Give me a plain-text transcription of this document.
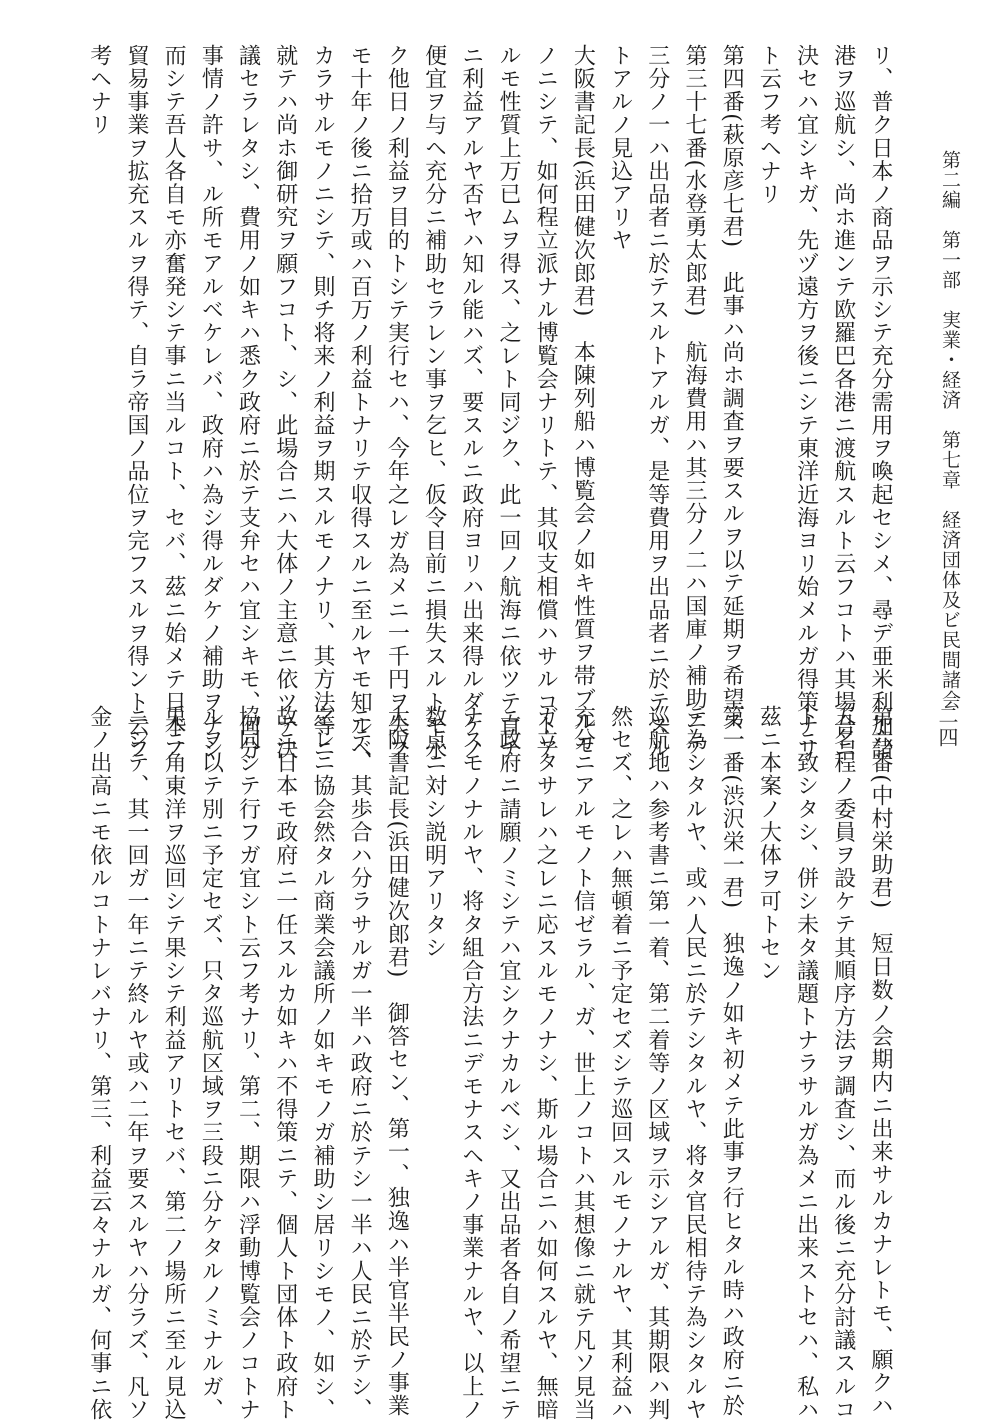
第二編　第一部　実業・経済　第七章　経済団体及ビ民間諸会
二四

リ、普ク日本ノ商品ヲ示シテ充分需用ヲ喚起セシメ、尋デ亜米利加諸

港ヲ巡航シ、尚ホ進ンテ欧羅巴各港ニ渡航スルト云フコトハ其場合ニ

決セハ宜シキガ、先ヅ遠方ヲ後ニシテ東洋近海ヨリ始メルガ得策ナリ

ト云フ考ヘナリ

第四番(萩原彦七君)　此事ハ尚ホ調査ヲ要スルヲ以テ延期ヲ希望ス

第三十七番(水登勇太郎君)　航海費用ハ其三分ノ二ハ国庫ノ補助ニテ

三分ノ一ハ出品者ニ於テスルトアルガ、是等費用ヲ出品者ニ於テスル

トアルノ見込アリヤ

大阪書記長(浜田健次郎君)　本陳列船ハ博覧会ノ如キ性質ヲ帯ブルモ

ノニシテ、如何程立派ナル博覧会ナリトテ、其収支相償ハサルコトア

ルモ性質上万已ムヲ得ス、之レト同ジク、此一回ノ航海ニ依ツテ直チ

ニ利益アルヤ否ヤハ知ル能ハズ、要スルニ政府ヨリハ出来得ルダケノ

便宜ヲ与ヘ充分ニ補助セラレン事ヲ乞ヒ、仮令目前ニ損失スルトモ永

ク他日ノ利益ヲ目的トシテ実行セハ、今年之レガ為メニ一千円ヲ失フ

モ十年ノ後ニ拾万或ハ百万ノ利益トナリテ収得スルニ至ルヤモ知ルベ

カラサルモノニシテ、則チ将来ノ利益ヲ期スルモノナリ、其方法等ニ

就テハ尚ホ御研究ヲ願フコト、シ、此場合ニハ大体ノ主意ニ依ツテ決

議セラレタシ、費用ノ如キハ悉ク政府ニ於テ支弁セハ宜シキモ、何分

事情ノ許サ、ル所モアルベケレバ、政府ハ為シ得ルダケノ補助ヲナシ

而シテ吾人各自モ亦奮発シテ事ニ当ルコト、セバ、茲ニ始メテ日本ノ

貿易事業ヲ拡充スルヲ得テ、自ラ帝国ノ品位ヲ完フスルヲ得ント云フ

考ヘナリ

第六番(中村栄助君)　短日数ノ会期内ニ出来サルカナレトモ、願クハ

五名程ノ委員ヲ設ケテ其順序方法ヲ調査シ、而ル後ニ充分討議スルコ

トニ致シタシ、併シ未タ議題トナラサルガ為メニ出来ストセハ、私ハ

茲ニ本案ノ大体ヲ可トセン

第一番(渋沢栄一君)　独逸ノ如キ初メテ此事ヲ行ヒタル時ハ政府ニ於

テ為シタルヤ、或ハ人民ニ於テシタルヤ、将タ官民相待テ為シタルヤ

巡航地ハ参考書ニ第一着、第二着等ノ区域ヲ示シアルガ、其期限ハ判

然セズ、之レハ無頓着ニ予定セズシテ巡回スルモノナルヤ、其利益ハ

充分ニアルモノト信ゼラル、ガ、世上ノコトハ其想像ニ就テ凡ソ見当

ガ立タサレハ之レニ応スルモノナシ、斯ル場合ニハ如何スルヤ、無暗

ニ政府ニ請願ノミシテハ宜シクナカルベシ、又出品者各自ノ希望ニテ

ナスモノナルヤ、将タ組合方法ニデモナスヘキノ事業ナルヤ、以上ノ

数点ニ対シ説明アリタシ

大阪書記長(浜田健次郎君)　御答セン、第一、独逸ハ半官半民ノ事業

ニテ、其歩合ハ分ラサルガ一半ハ政府ニ於テシ一半ハ人民ニ於テシ、

之レニ協会然タル商業会議所ノ如キモノガ補助シ居リシモノ、如シ、

故ニ日本モ政府ニ一任スルカ如キハ不得策ニテ、個人ト団体ト政府ト

協同シテ行フガ宜シト云フ考ナリ、第二、期限ハ浮動博覧会ノコトナ

ルヲ以テ別ニ予定セズ、只タ巡航区域ヲ三段ニ分ケタルノミナルガ、

兎ニ角東洋ヲ巡回シテ果シテ利益アリトセバ、第二ノ場所ニ至ル見込

ニシテ、其一回ガ一年ニテ終ルヤ或ハ二年ヲ要スルヤハ分ラズ、凡ソ

金ノ出高ニモ依ルコトナレバナリ、第三、利益云々ナルガ、何事ニ依
